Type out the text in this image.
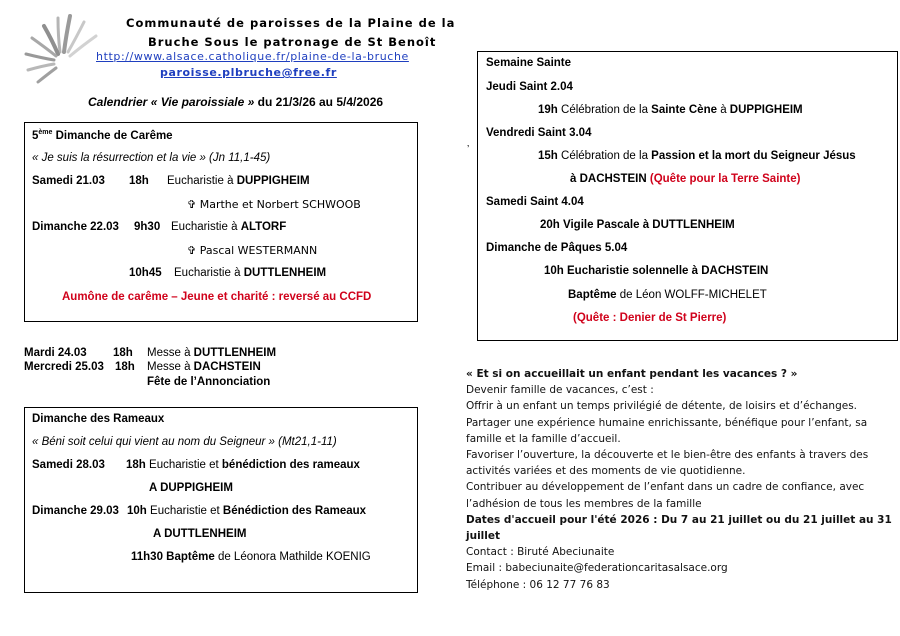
Communauté de paroisses de la Plaine de la
Bruche Sous le patronage de St Benoît
http://www.alsace.catholique.fr/plaine-de-la-bruche
paroisse.plbruche@free.fr
Calendrier « Vie paroissiale » du 21/3/26 au 5/4/2026
5ème Dimanche de Carême
« Je suis la résurrection et la vie » (Jn 11,1-45)
Samedi 21.03 18h Eucharistie à DUPPIGHEIM
✞ Marthe et Norbert SCHWOOB
Dimanche 22.03 9h30 Eucharistie à ALTORF
✞ Pascal WESTERMANN
10h45 Eucharistie à DUTTLENHEIM
Aumône de carême – Jeune et charité : reversé au CCFD
Mardi 24.03 18h Messe à DUTTLENHEIM
Mercredi 25.03 18h Messe à DACHSTEIN
Fête de l’Annonciation
Dimanche des Rameaux
« Béni soit celui qui vient au nom du Seigneur » (Mt21,1-11)
Samedi 28.03 18h Eucharistie et bénédiction des rameaux
A DUPPIGHEIM
Dimanche 29.03 10h Eucharistie et Bénédiction des Rameaux
A DUTTLENHEIM
11h30 Baptême de Léonora Mathilde KOENIG
‚
Semaine Sainte
Jeudi Saint 2.04
19h Célébration de la Sainte Cène à DUPPIGHEIM
Vendredi Saint 3.04
15h Célébration de la Passion et la mort du Seigneur Jésus
à DACHSTEIN (Quête pour la Terre Sainte)
Samedi Saint 4.04
20h Vigile Pascale à DUTTLENHEIM
Dimanche de Pâques 5.04
10h Eucharistie solennelle à DACHSTEIN
Baptême de Léon WOLFF-MICHELET
(Quête : Denier de St Pierre)
« Et si on accueillait un enfant pendant les vacances ? »
Devenir famille de vacances, c’est :
Offrir à un enfant un temps privilégié de détente, de loisirs et d’échanges.
Partager une expérience humaine enrichissante, bénéfique pour l’enfant, sa
famille et la famille d’accueil.
Favoriser l’ouverture, la découverte et le bien-être des enfants à travers des
activités variées et des moments de vie quotidienne.
Contribuer au développement de l’enfant dans un cadre de confiance, avec
l’adhésion de tous les membres de la famille
Dates d'accueil pour l'été 2026 : Du 7 au 21 juillet ou du 21 juillet au 31
juillet
Contact : Biruté Abeciunaite
Email : babeciunaite@federationcaritasalsace.org
Téléphone : 06 12 77 76 83
